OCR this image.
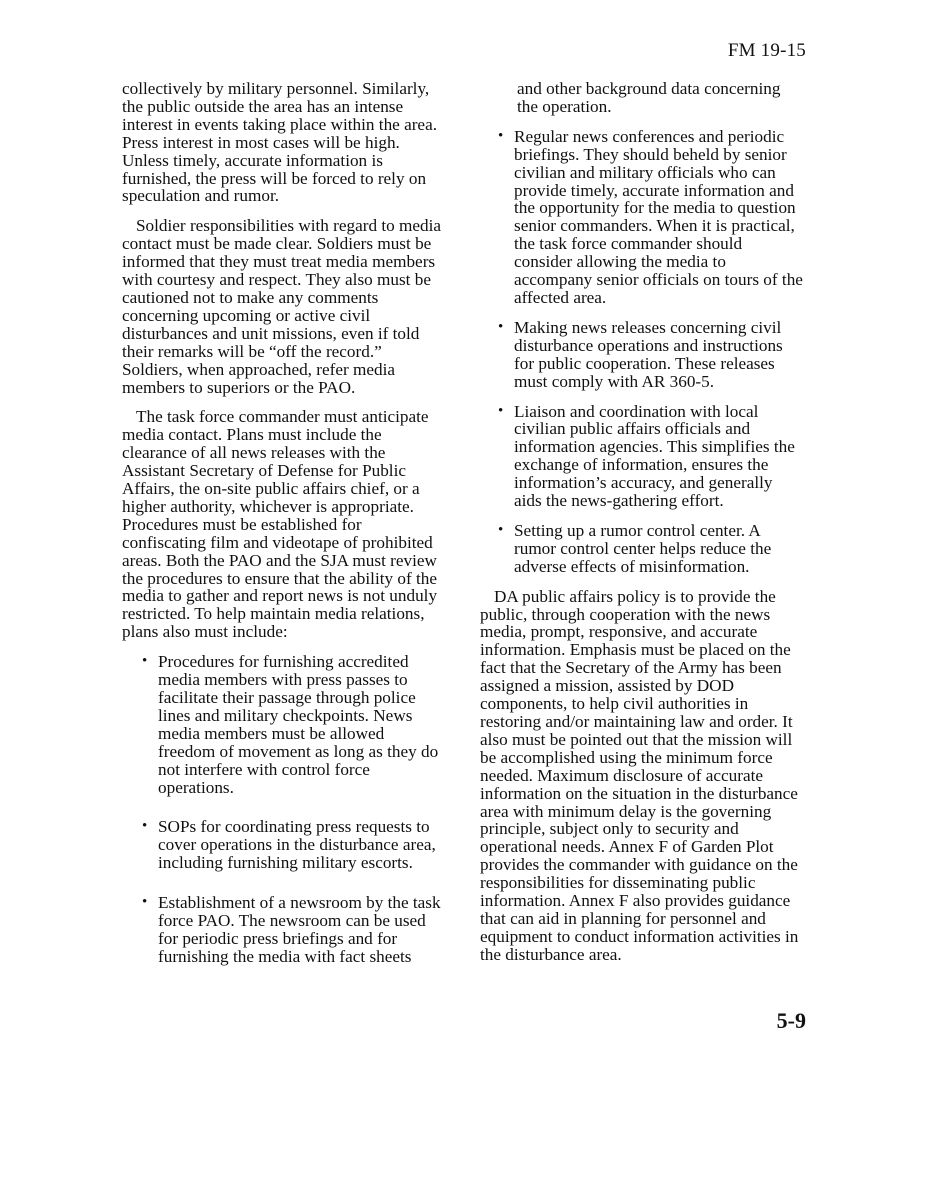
FM 19-15

collectively by military personnel. Similarly, the public outside the area has an intense interest in events taking place within the area. Press interest in most cases will be high. Unless timely, accurate information is furnished, the press will be forced to rely on speculation and rumor.

Soldier responsibilities with regard to media contact must be made clear. Soldiers must be informed that they must treat media members with courtesy and respect. They also must be cautioned not to make any comments concerning upcoming or active civil disturbances and unit missions, even if told their remarks will be “off the record.” Soldiers, when approached, refer media members to superiors or the PAO.

The task force commander must anticipate media contact. Plans must include the clearance of all news releases with the Assistant Secretary of Defense for Public Affairs, the on-site public affairs chief, or a higher authority, whichever is appropriate. Procedures must be established for confiscating film and videotape of prohibited areas. Both the PAO and the SJA must review the procedures to ensure that the ability of the media to gather and report news is not unduly restricted. To help maintain media relations, plans also must include:

• Procedures for furnishing accredited media members with press passes to facilitate their passage through police lines and military checkpoints. News media members must be allowed freedom of movement as long as they do not interfere with control force operations.
• SOPs for coordinating press requests to cover operations in the disturbance area, including furnishing military escorts.
• Establishment of a newsroom by the task force PAO. The newsroom can be used for periodic press briefings and for furnishing the media with fact sheets

and other background data concerning the operation.

• Regular news conferences and periodic briefings. They should beheld by senior civilian and military officials who can provide timely, accurate information and the opportunity for the media to question senior commanders. When it is practical, the task force commander should consider allowing the media to accompany senior officials on tours of the affected area.
• Making news releases concerning civil disturbance operations and instructions for public cooperation. These releases must comply with AR 360-5.
• Liaison and coordination with local civilian public affairs officials and information agencies. This simplifies the exchange of information, ensures the information’s accuracy, and generally aids the news-gathering effort.
• Setting up a rumor control center. A rumor control center helps reduce the adverse effects of misinformation.

DA public affairs policy is to provide the public, through cooperation with the news media, prompt, responsive, and accurate information. Emphasis must be placed on the fact that the Secretary of the Army has been assigned a mission, assisted by DOD components, to help civil authorities in restoring and/or maintaining law and order. It also must be pointed out that the mission will be accomplished using the minimum force needed. Maximum disclosure of accurate information on the situation in the disturbance area with minimum delay is the governing principle, subject only to security and operational needs. Annex F of Garden Plot provides the commander with guidance on the responsibilities for disseminating public information. Annex F also provides guidance that can aid in planning for personnel and equipment to conduct information activities in the disturbance area.

5-9
